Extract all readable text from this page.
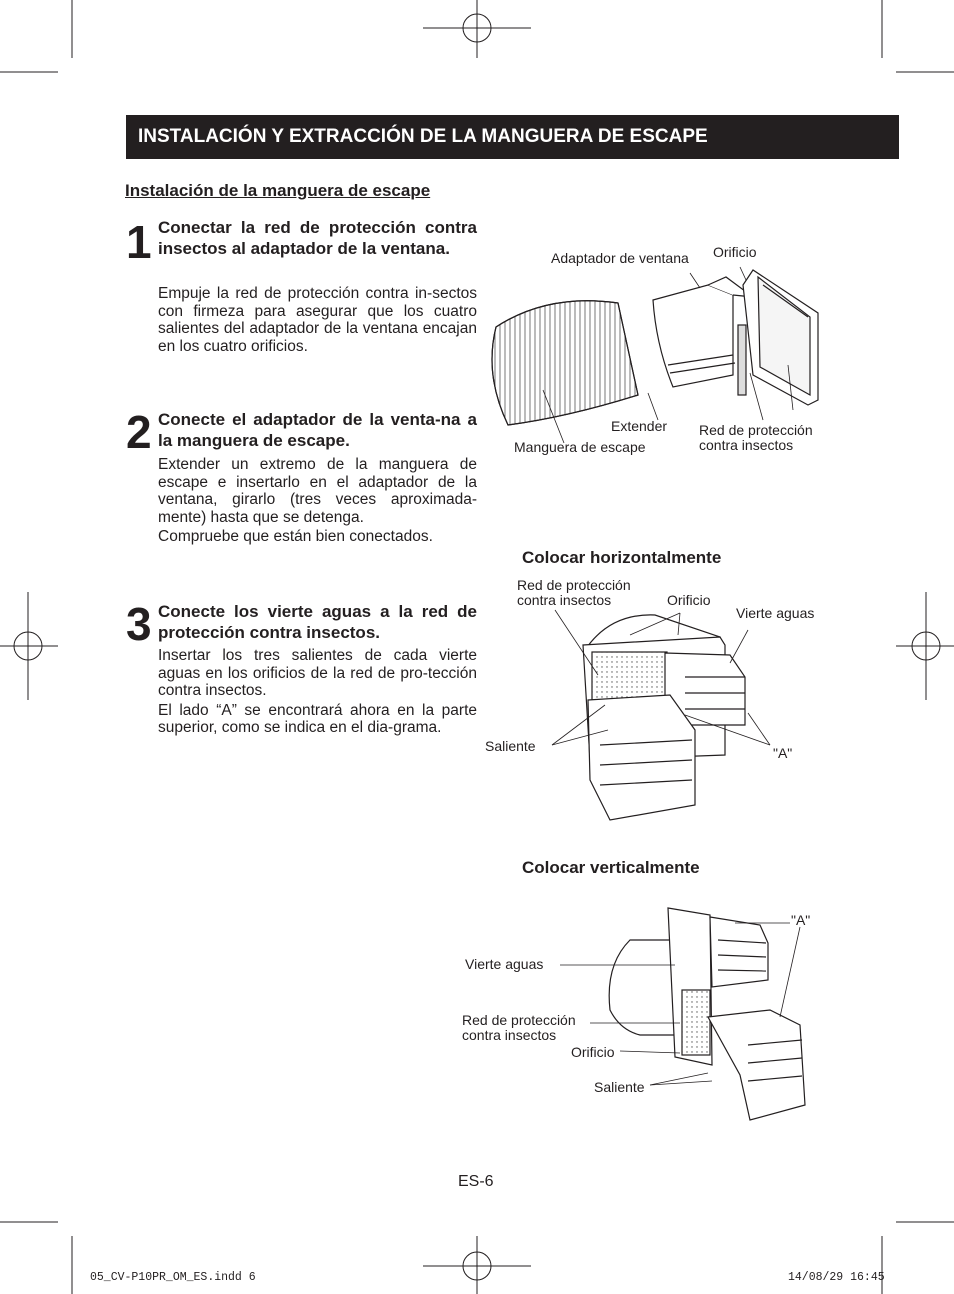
INSTALACIÓN Y EXTRACCIÓN DE LA MANGUERA DE ESCAPE
Instalación de la manguera de escape
1 Conectar la red de protección contra insectos al adaptador de la ventana.

Empuje la red de protección contra in-sectos con firmeza para asegurar que los cuatro salientes del adaptador de la ventana encajan en los cuatro orificios.

2 Conecte el adaptador de la venta-na a la manguera de escape.

Extender un extremo de la manguera de escape e insertarlo en el adaptador de la ventana, girarlo (tres veces aproximada-mente) hasta que se detenga.

Compruebe que están bien conectados.

3 Conecte los vierte aguas a la red de protección contra insectos.

Insertar los tres salientes de cada vierte aguas en los orificios de la red de pro-tección contra insectos.

El lado “A” se encontrará ahora en la parte superior, como se indica en el dia-grama.

Adaptador de ventana Orificio
Extender
Manguera de escape
Red de protección contra insectos
Colocar horizontalmente
Red de protección contra insectos	Orificio
Vierte aguas
Saliente	"A"
Colocar verticalmente
"A"
Vierte aguas
Red de protección contra insectos
Orificio
Saliente
ES-6
05_CV-P10PR_OM_ES.indd 6	14/08/29 16:45
